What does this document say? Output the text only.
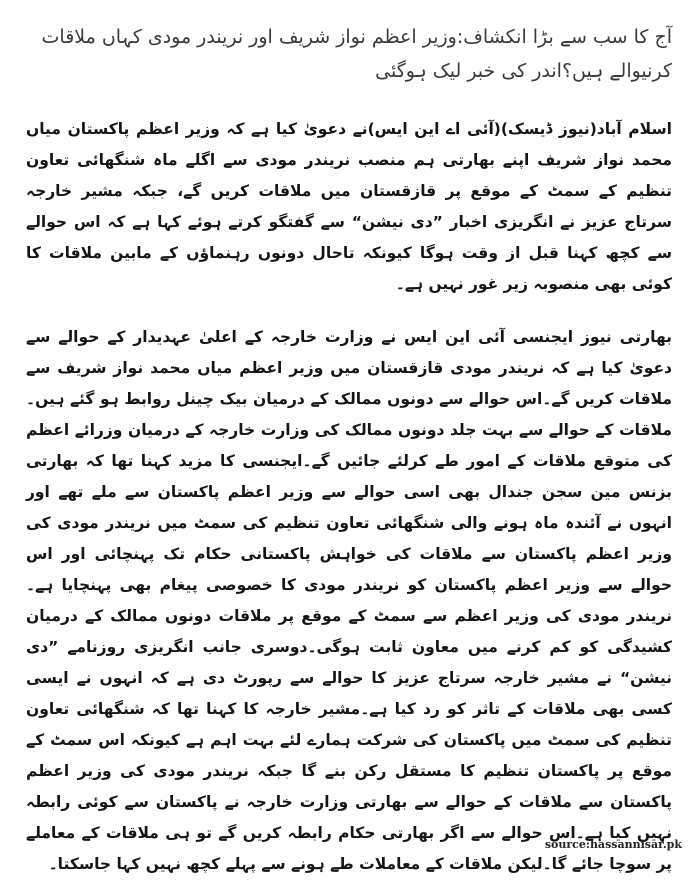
آج کا سب سے بڑا انکشاف:وزیر اعظم نواز شریف اور نریندر مودی کہاں ملاقات کرنیوالے ہیں؟اندر کی خبر لیک ہوگئی

اسلام آباد(نیوز ڈیسک)(آئی اے این ایس)نے دعویٰ کیا ہے کہ وزیر اعظم پاکستان میاں محمد نواز شریف اپنے بھارتی ہم منصب نریندر مودی سے اگلے ماہ شنگھائی تعاون تنظیم کے سمٹ کے موقع پر قازقستان میں ملاقات کریں گے، جبکہ مشیر خارجہ سرتاج عزیز نے انگریزی اخبار ”دی نیشن“ سے گفتگو کرتے ہوئے کہا ہے کہ اس حوالے سے کچھ کہنا قبل از وقت ہوگا کیونکہ تاحال دونوں رہنماؤں کے مابین ملاقات کا کوئی بھی منصوبہ زیر غور نہیں ہے۔

بھارتی نیوز ایجنسی آئی این ایس نے وزارت خارجہ کے اعلیٰ عہدیدار کے حوالے سے دعویٰ کیا ہے کہ نریندر مودی قازقستان میں وزیر اعظم میاں محمد نواز شریف سے ملاقات کریں گے۔اس حوالے سے دونوں ممالک کے درمیان بیک چینل روابط ہو گئے ہیں۔ملاقات کے حوالے سے بہت جلد دونوں ممالک کی وزارت خارجہ کے درمیان وزرائے اعظم کی متوقع ملاقات کے امور طے کرلئے جائیں گے۔ایجنسی کا مزید کہنا تھا کہ بھارتی بزنس مین سجن جندال بھی اسی حوالے سے وزیر اعظم پاکستان سے ملے تھے اور انہوں نے آئندہ ماہ ہونے والی شنگھائی تعاون تنظیم کی سمٹ میں نریندر مودی کی وزیر اعظم پاکستان سے ملاقات کی خواہش پاکستانی حکام تک پہنچائی اور اس حوالے سے وزیر اعظم پاکستان کو نریندر مودی کا خصوصی پیغام بھی پہنچایا ہے۔نریندر مودی کی وزیر اعظم سے سمٹ کے موقع پر ملاقات دونوں ممالک کے درمیان کشیدگی کو کم کرنے میں معاون ثابت ہوگی۔دوسری جانب انگریزی روزنامے ”دی نیشن“ نے مشیر خارجہ سرتاج عزیز کا حوالے سے رپورٹ دی ہے کہ انہوں نے ایسی کسی بھی ملاقات کے تاثر کو رد کیا ہے۔مشیر خارجہ کا کہنا تھا کہ شنگھائی تعاون تنظیم کی سمٹ میں پاکستان کی شرکت ہمارے لئے بہت اہم ہے کیونکہ اس سمٹ کے موقع پر پاکستان تنظیم کا مستقل رکن بنے گا جبکہ نریندر مودی کی وزیر اعظم پاکستان سے ملاقات کے حوالے سے بھارتی وزارت خارجہ نے پاکستان سے کوئی رابطہ نہیں کیا ہے۔اس حوالے سے اگر بھارتی حکام رابطہ کریں گے تو ہی ملاقات کے معاملے پر سوچا جائے گا۔لیکن ملاقات کے معاملات طے ہونے سے پہلے کچھ نہیں کہا جاسکتا۔

source:hassannisar.pk
